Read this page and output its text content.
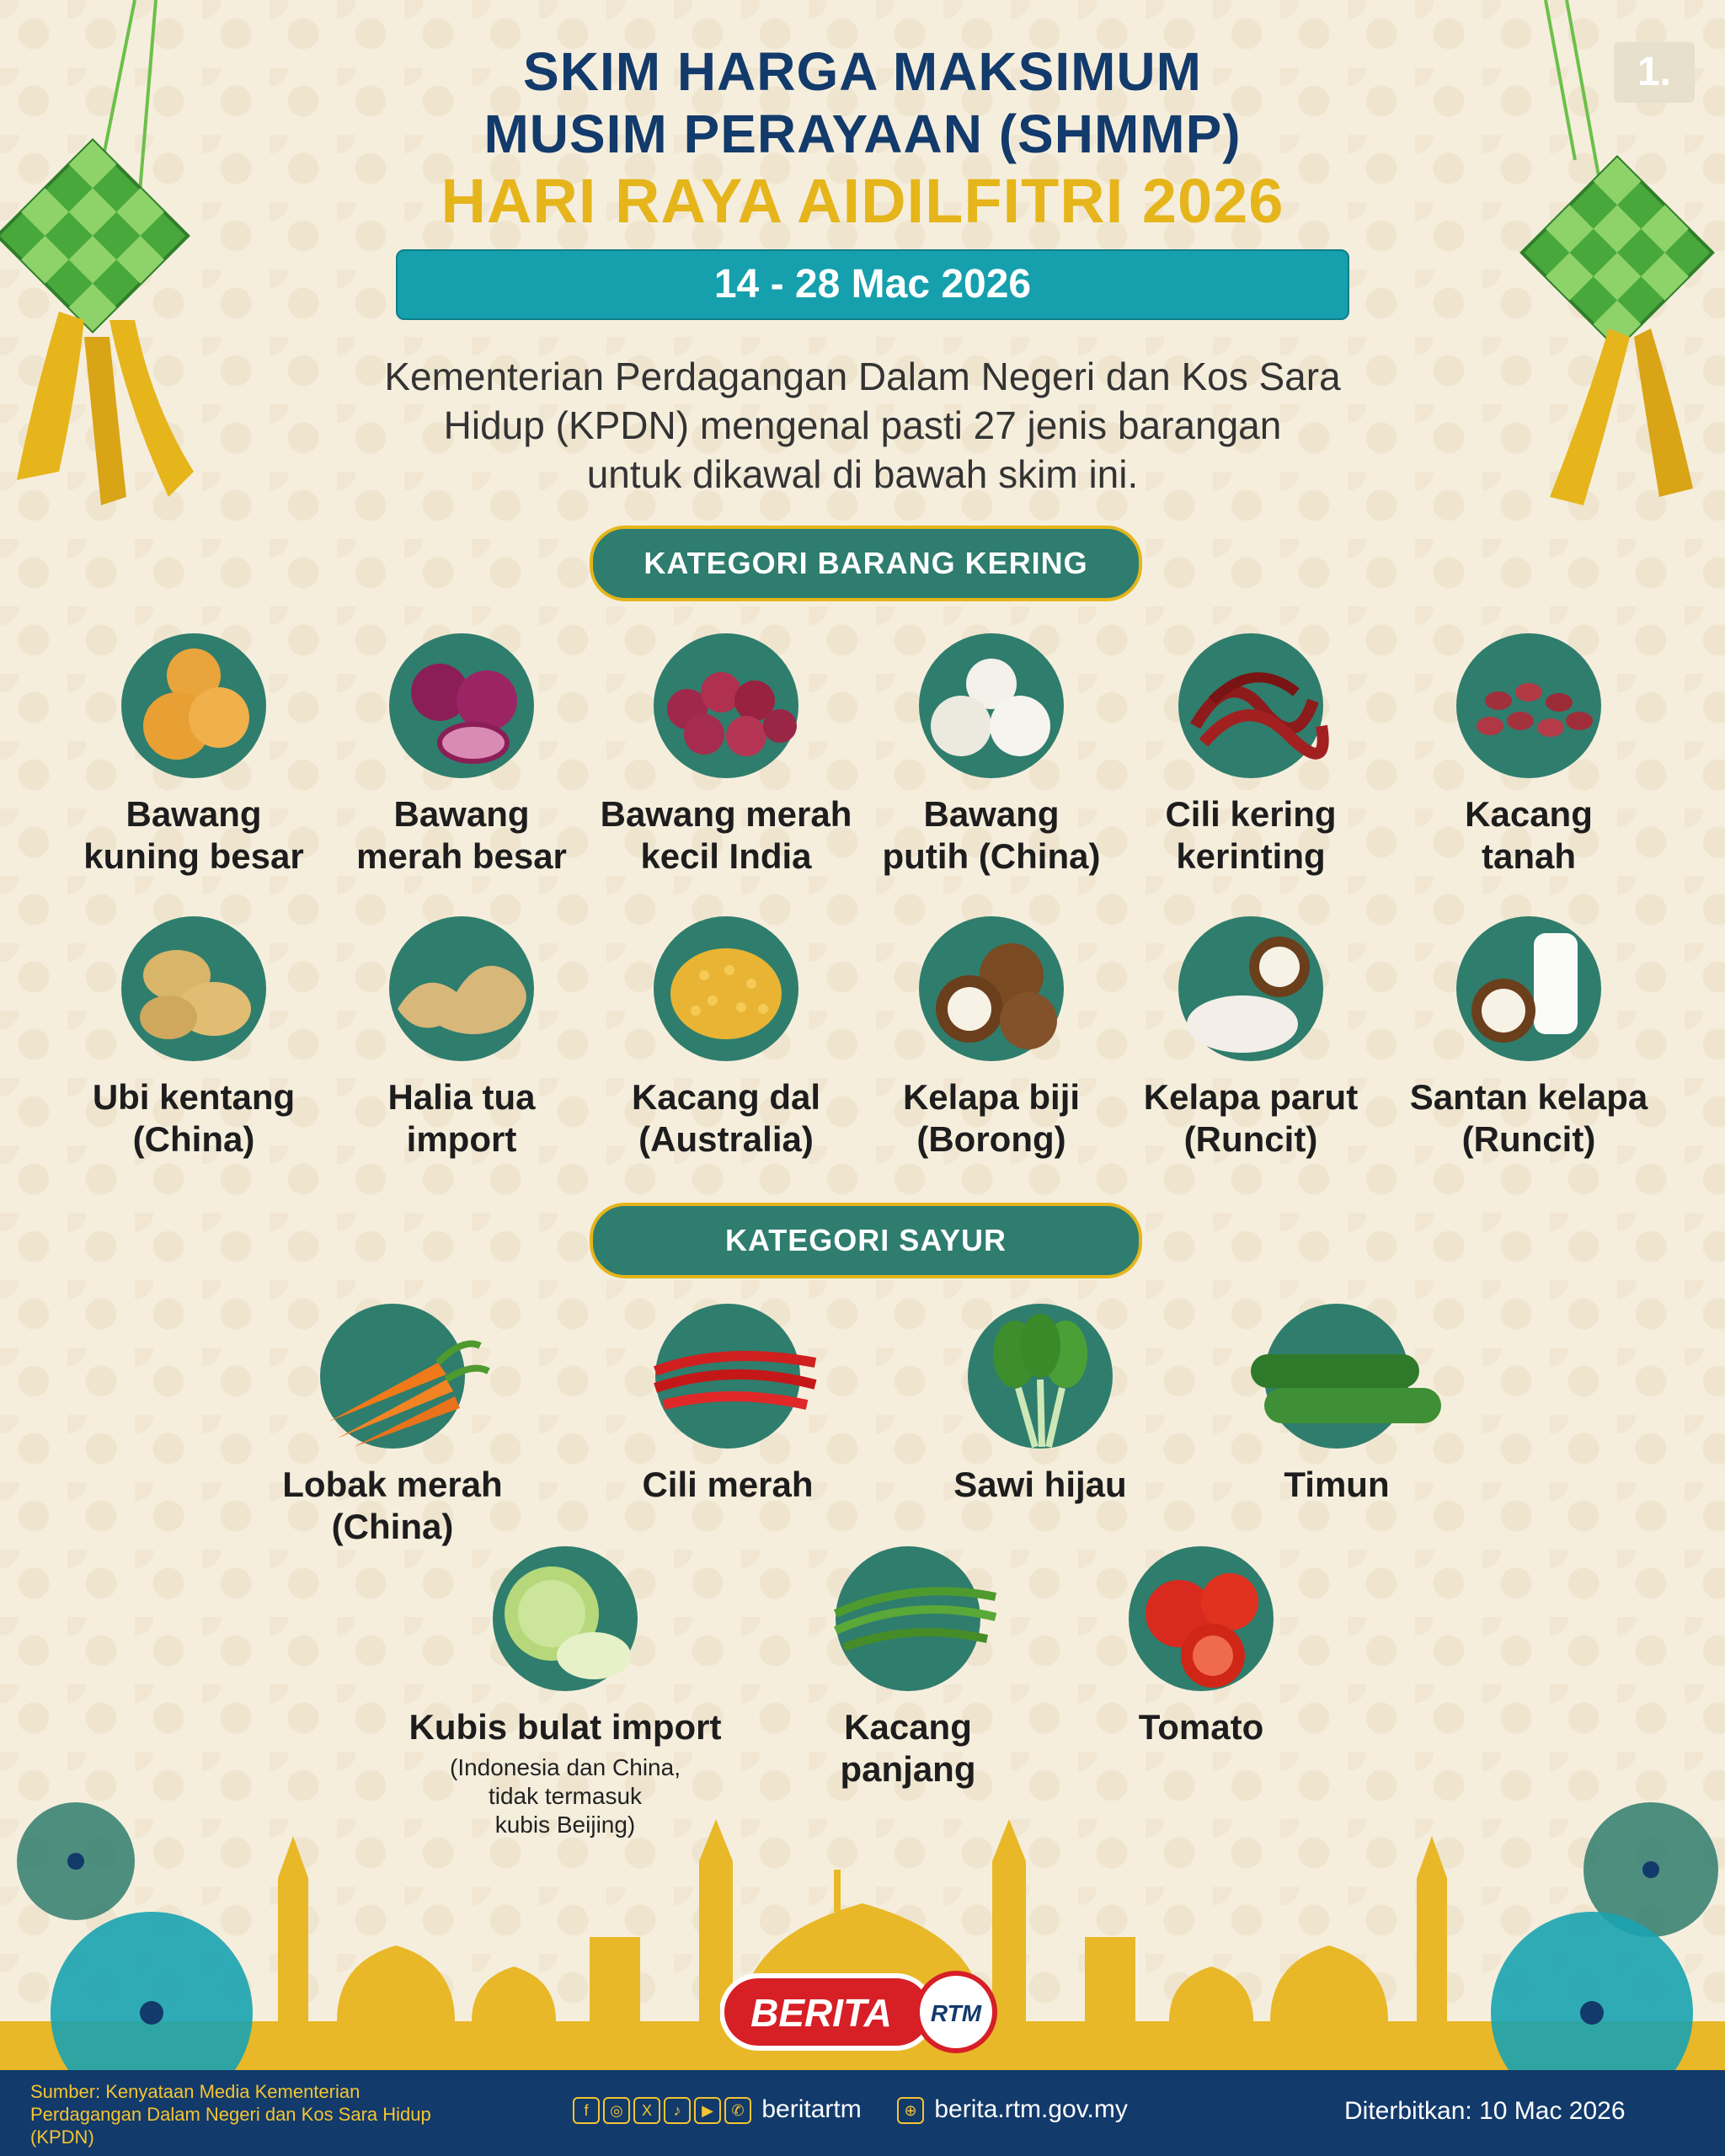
1.
SKIM HARGA MAKSIMUM
MUSIM PERAYAAN (SHMMP)
HARI RAYA AIDILFITRI 2026
14 - 28 Mac 2026
Kementerian Perdagangan Dalam Negeri dan Kos Sara
Hidup (KPDN) mengenal pasti 27 jenis barangan
untuk dikawal di bawah skim ini.
KATEGORI BARANG KERING
Bawang
kuning besar
Bawang
merah besar
Bawang merah
kecil India
Bawang
putih (China)
Cili kering
kerinting
Kacang
tanah
Ubi kentang
(China)
Halia tua
import
Kacang dal
(Australia)
Kelapa biji
(Borong)
Kelapa parut
(Runcit)
Santan kelapa
(Runcit)
KATEGORI SAYUR
Lobak merah
(China)
Cili merah	Sawi hijau	Timun
Kubis bulat import
(Indonesia dan China,
tidak termasuk
kubis Beijing)
Kacang
panjang
Tomato
BERITA RTM
Sumber: Kenyataan Media Kementerian Perdagangan Dalam Negeri dan Kos Sara Hidup (KPDN)
f ◎ X ♪ ▶ ✆ beritartm	⊕ berita.rtm.gov.my	Diterbitkan: 10 Mac 2026
